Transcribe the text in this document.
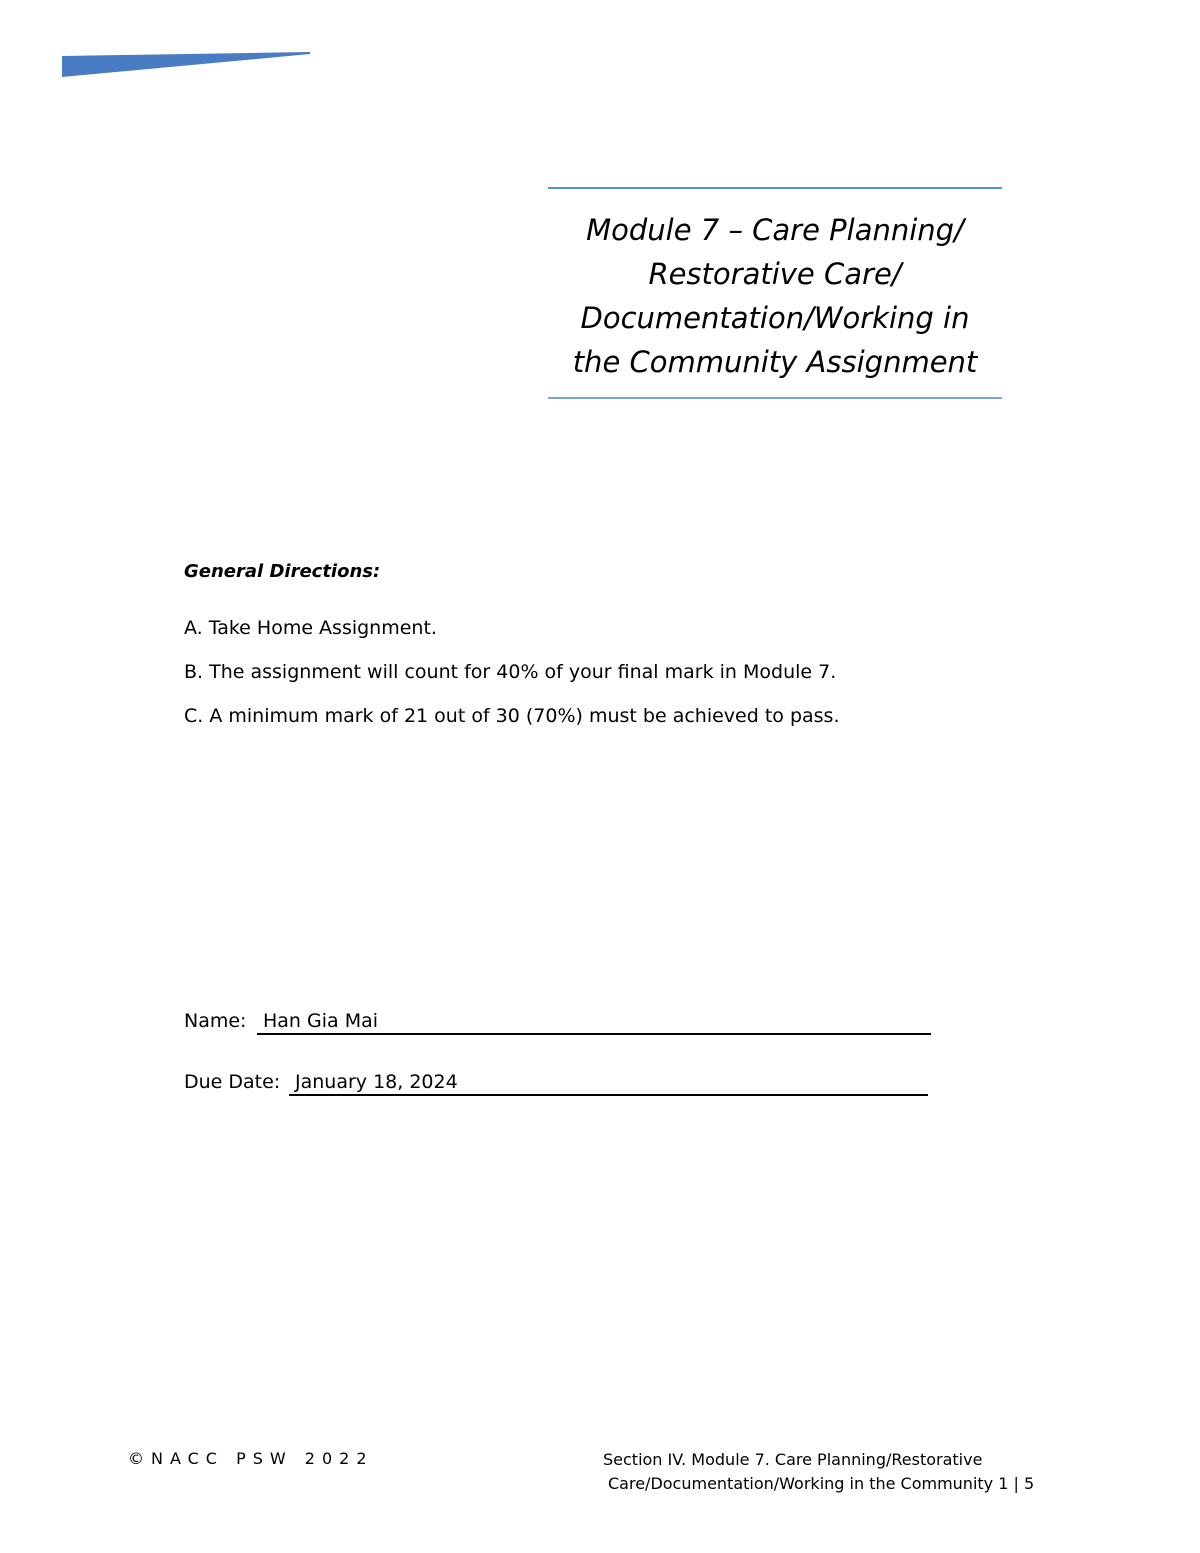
Module 7 – Care Planning/
Restorative Care/
Documentation/Working in
the Community Assignment

General Directions:

A. Take Home Assignment.

B. The assignment will count for 40% of your final mark in Module 7.

C. A minimum mark of 21 out of 30 (70%) must be achieved to pass.

Name: Han Gia Mai
Due Date: January 18, 2024
©NACC PSW 2022	Section IV. Module 7. Care Planning/Restorative
Care/Documentation/Working in the Community 1 | 5
